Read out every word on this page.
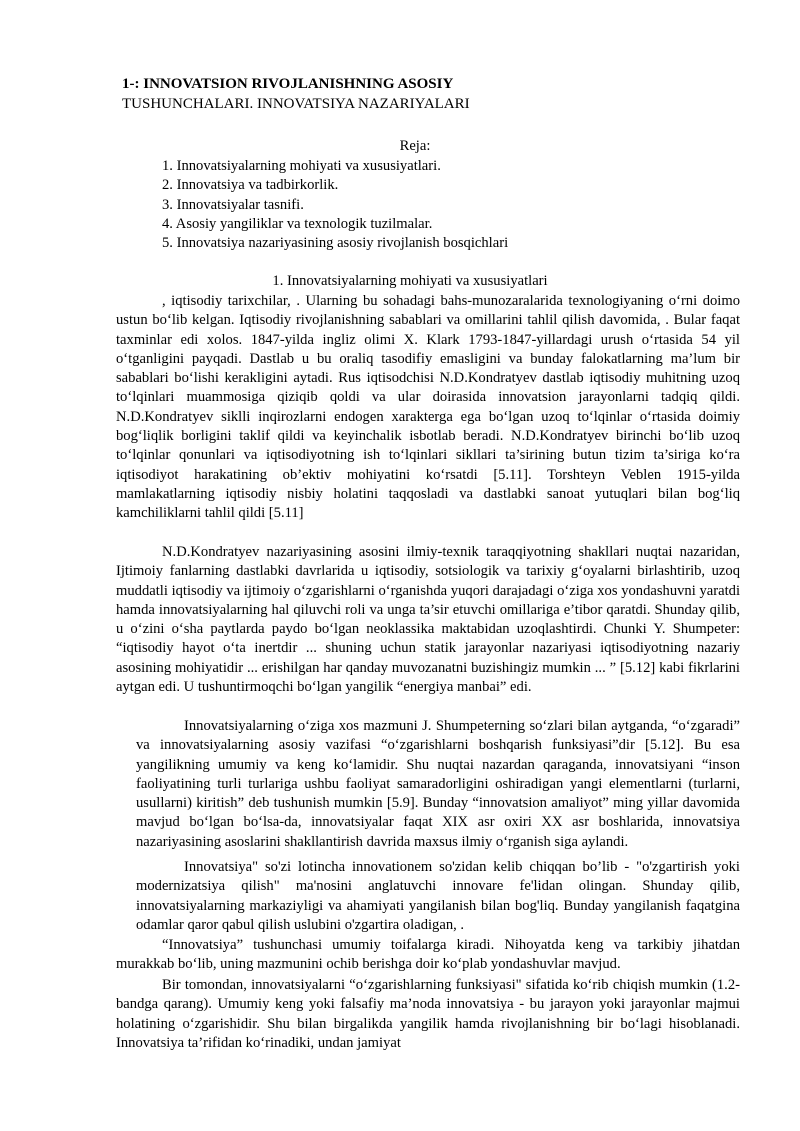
1-: INNOVATSION RIVOJLANISHNING ASOSIY
TUSHUNCHALARI. INNOVATSIYA NAZARIYALARI
Reja:
1. Innovatsiyalarning mohiyati va xususiyatlari.
2. Innovatsiya va tadbirkorlik.
3. Innovatsiyalar tasnifi.
4. Asosiy yangiliklar va texnologik tuzilmalar.
5. Innovatsiya nazariyasining asosiy rivojlanish bosqichlari
1. Innovatsiyalarning mohiyati va xususiyatlari

, iqtisodiy tarixchilar, . Ularning bu sohadagi bahs-munozaralarida texnologiyaning o‘rni doimo ustun bo‘lib kelgan. Iqtisodiy rivojlanishning sabablari va omillarini tahlil qilish davomida, . Bular faqat taxminlar edi xolos. 1847-yilda ingliz olimi X. Klark 1793-1847-yillardagi urush o‘rtasida 54 yil o‘tganligini payqadi. Dastlab u bu oraliq tasodifiy emasligini va bunday falokatlarning ma’lum bir sabablari bo‘lishi kerakligini aytadi. Rus iqtisodchisi N.D.Kondratyev dastlab iqtisodiy muhitning uzoq to‘lqinlari muammosiga qiziqib qoldi va ular doirasida innovatsion jarayonlarni tadqiq qildi. N.D.Kondratyev siklli inqirozlarni endogen xarakterga ega bo‘lgan uzoq to‘lqinlar o‘rtasida doimiy bog‘liqlik borligini taklif qildi va keyinchalik isbotlab beradi. N.D.Kondratyev birinchi bo‘lib uzoq to‘lqinlar qonunlari va iqtisodiyotning ish to‘lqinlari sikllari ta’sirining butun tizim ta’siriga ko‘ra iqtisodiyot harakatining ob’ektiv mohiyatini ko‘rsatdi [5.11]. Torshteyn Veblen 1915-yilda mamlakatlarning iqtisodiy nisbiy holatini taqqosladi va dastlabki sanoat yutuqlari bilan bog‘liq kamchiliklarni tahlil qildi [5.11]

N.D.Kondratyev nazariyasining asosini ilmiy-texnik taraqqiyotning shakllari nuqtai nazaridan, Ijtimoiy fanlarning dastlabki davrlarida u iqtisodiy, sotsiologik va tarixiy g‘oyalarni birlashtirib, uzoq muddatli iqtisodiy va ijtimoiy o‘zgarishlarni o‘rganishda yuqori darajadagi o‘ziga xos yondashuvni yaratdi hamda innovatsiyalarning hal qiluvchi roli va unga ta’sir etuvchi omillariga e’tibor qaratdi. Shunday qilib, u o‘zini o‘sha paytlarda paydo bo‘lgan neoklassika maktabidan uzoqlashtirdi. Chunki Y. Shumpeter: “iqtisodiy hayot o‘ta inertdir ... shuning uchun statik jarayonlar nazariyasi iqtisodiyotning nazariy asosining mohiyatidir ... erishilgan har qanday muvozanatni buzishingiz mumkin ... ” [5.12] kabi fikrlarini aytgan edi. U tushuntirmoqchi bo‘lgan yangilik “energiya manbai” edi.

Innovatsiyalarning o‘ziga xos mazmuni J. Shumpeterning so‘zlari bilan aytganda, “o‘zgaradi” va innovatsiyalarning asosiy vazifasi “o‘zgarishlarni boshqarish funksiyasi”dir [5.12]. Bu esa yangilikning umumiy va keng ko‘lamidir. Shu nuqtai nazardan qaraganda, innovatsiyani “inson faoliyatining turli turlariga ushbu faoliyat samaradorligini oshiradigan yangi elementlarni (turlarni, usullarni) kiritish” deb tushunish mumkin [5.9]. Bunday “innovatsion amaliyot” ming yillar davomida mavjud bo‘lgan bo‘lsa-da, innovatsiyalar faqat XIX asr oxiri XX asr boshlarida, innovatsiya nazariyasining asoslarini shakllantirish davrida maxsus ilmiy o‘rganish siga aylandi.

Innovatsiya" so'zi lotincha innovationem so'zidan kelib chiqqan bo’lib - "o'zgartirish yoki modernizatsiya qilish" ma'nosini anglatuvchi innovare fe'lidan olingan. Shunday qilib, innovatsiyalarning markaziyligi va ahamiyati yangilanish bilan bog'liq. Bunday yangilanish faqatgina odamlar qaror qabul qilish uslubini o'zgartira oladigan, .

“Innovatsiya” tushunchasi umumiy toifalarga kiradi. Nihoyatda keng va tarkibiy jihatdan murakkab bo‘lib, uning mazmunini ochib berishga doir ko‘plab yondashuvlar mavjud.

Bir tomondan, innovatsiyalarni “o‘zgarishlarning funksiyasi" sifatida ko‘rib chiqish mumkin (1.2-bandga qarang). Umumiy keng yoki falsafiy ma’noda innovatsiya - bu jarayon yoki jarayonlar majmui holatining o‘zgarishidir. Shu bilan birgalikda yangilik hamda rivojlanishning bir bo‘lagi hisoblanadi. Innovatsiya ta’rifidan ko‘rinadiki, undan jamiyat
